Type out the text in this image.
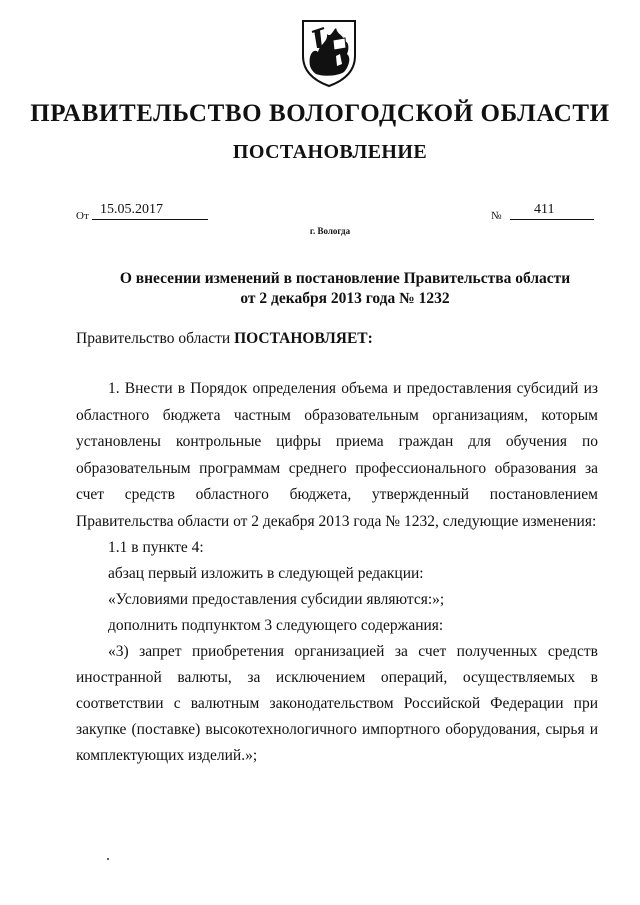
ПРАВИТЕЛЬСТВО ВОЛОГОДСКОЙ ОБЛАСТИ
ПОСТАНОВЛЕНИЕ
От 15.05.2017	№	411
г. Вологда
О внесении изменений в постановление Правительства области
от 2 декабря 2013 года № 1232
Правительство области ПОСТАНОВЛЯЕТ:

1. Внести в Порядок определения объема и предоставления субсидий из областного бюджета частным образовательным организациям, которым установлены контрольные цифры приема граждан для обучения по образовательным программам среднего профессионального образования за счет средств областного бюджета, утвержденный постановлением Правительства области от 2 декабря 2013 года № 1232, следующие изменения:

1.1 в пункте 4:

абзац первый изложить в следующей редакции:

«Условиями предоставления субсидии являются:»;

дополнить подпунктом 3 следующего содержания:

«3) запрет приобретения организацией за счет полученных средств иностранной валюты, за исключением операций, осуществляемых в соответствии с валютным законодательством Российской Федерации при закупке (поставке) высокотехнологичного импортного оборудования, сырья и комплектующих изделий.»;
